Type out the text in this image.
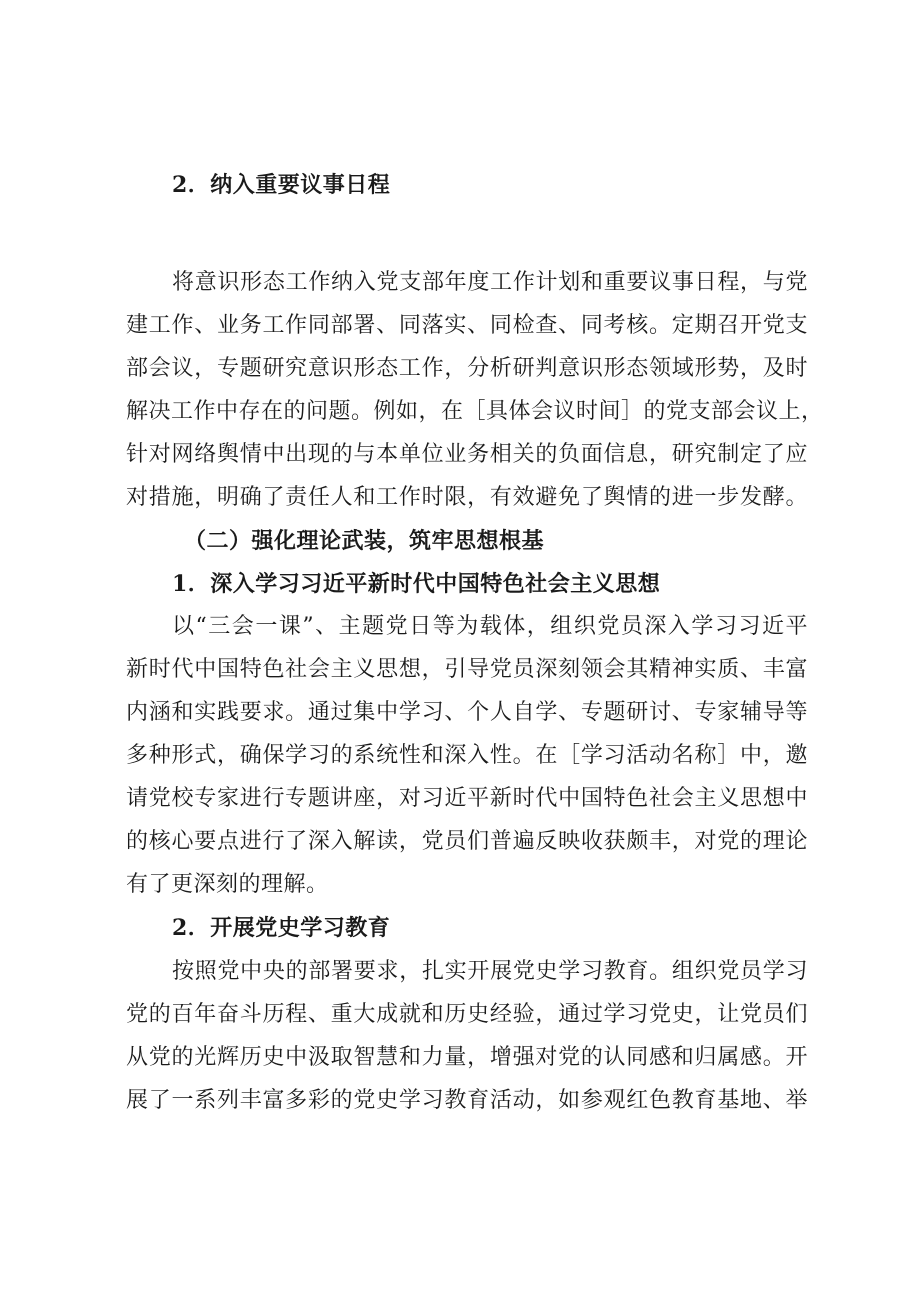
2．纳入重要议事日程
将意识形态工作纳入党支部年度工作计划和重要议事日程，与党
建工作、业务工作同部署、同落实、同检查、同考核。定期召开党支
部会议，专题研究意识形态工作，分析研判意识形态领域形势，及时
解决工作中存在的问题。例如，在［具体会议时间］的党支部会议上，
针对网络舆情中出现的与本单位业务相关的负面信息，研究制定了应
对措施，明确了责任人和工作时限，有效避免了舆情的进一步发酵。
（二）强化理论武装，筑牢思想根基
1．深入学习习近平新时代中国特色社会主义思想
以“三会一课”、主题党日等为载体，组织党员深入学习习近平
新时代中国特色社会主义思想，引导党员深刻领会其精神实质、丰富
内涵和实践要求。通过集中学习、个人自学、专题研讨、专家辅导等
多种形式，确保学习的系统性和深入性。在［学习活动名称］中，邀
请党校专家进行专题讲座，对习近平新时代中国特色社会主义思想中
的核心要点进行了深入解读，党员们普遍反映收获颇丰，对党的理论
有了更深刻的理解。
2．开展党史学习教育
按照党中央的部署要求，扎实开展党史学习教育。组织党员学习
党的百年奋斗历程、重大成就和历史经验，通过学习党史，让党员们
从党的光辉历史中汲取智慧和力量，增强对党的认同感和归属感。开
展了一系列丰富多彩的党史学习教育活动，如参观红色教育基地、举
